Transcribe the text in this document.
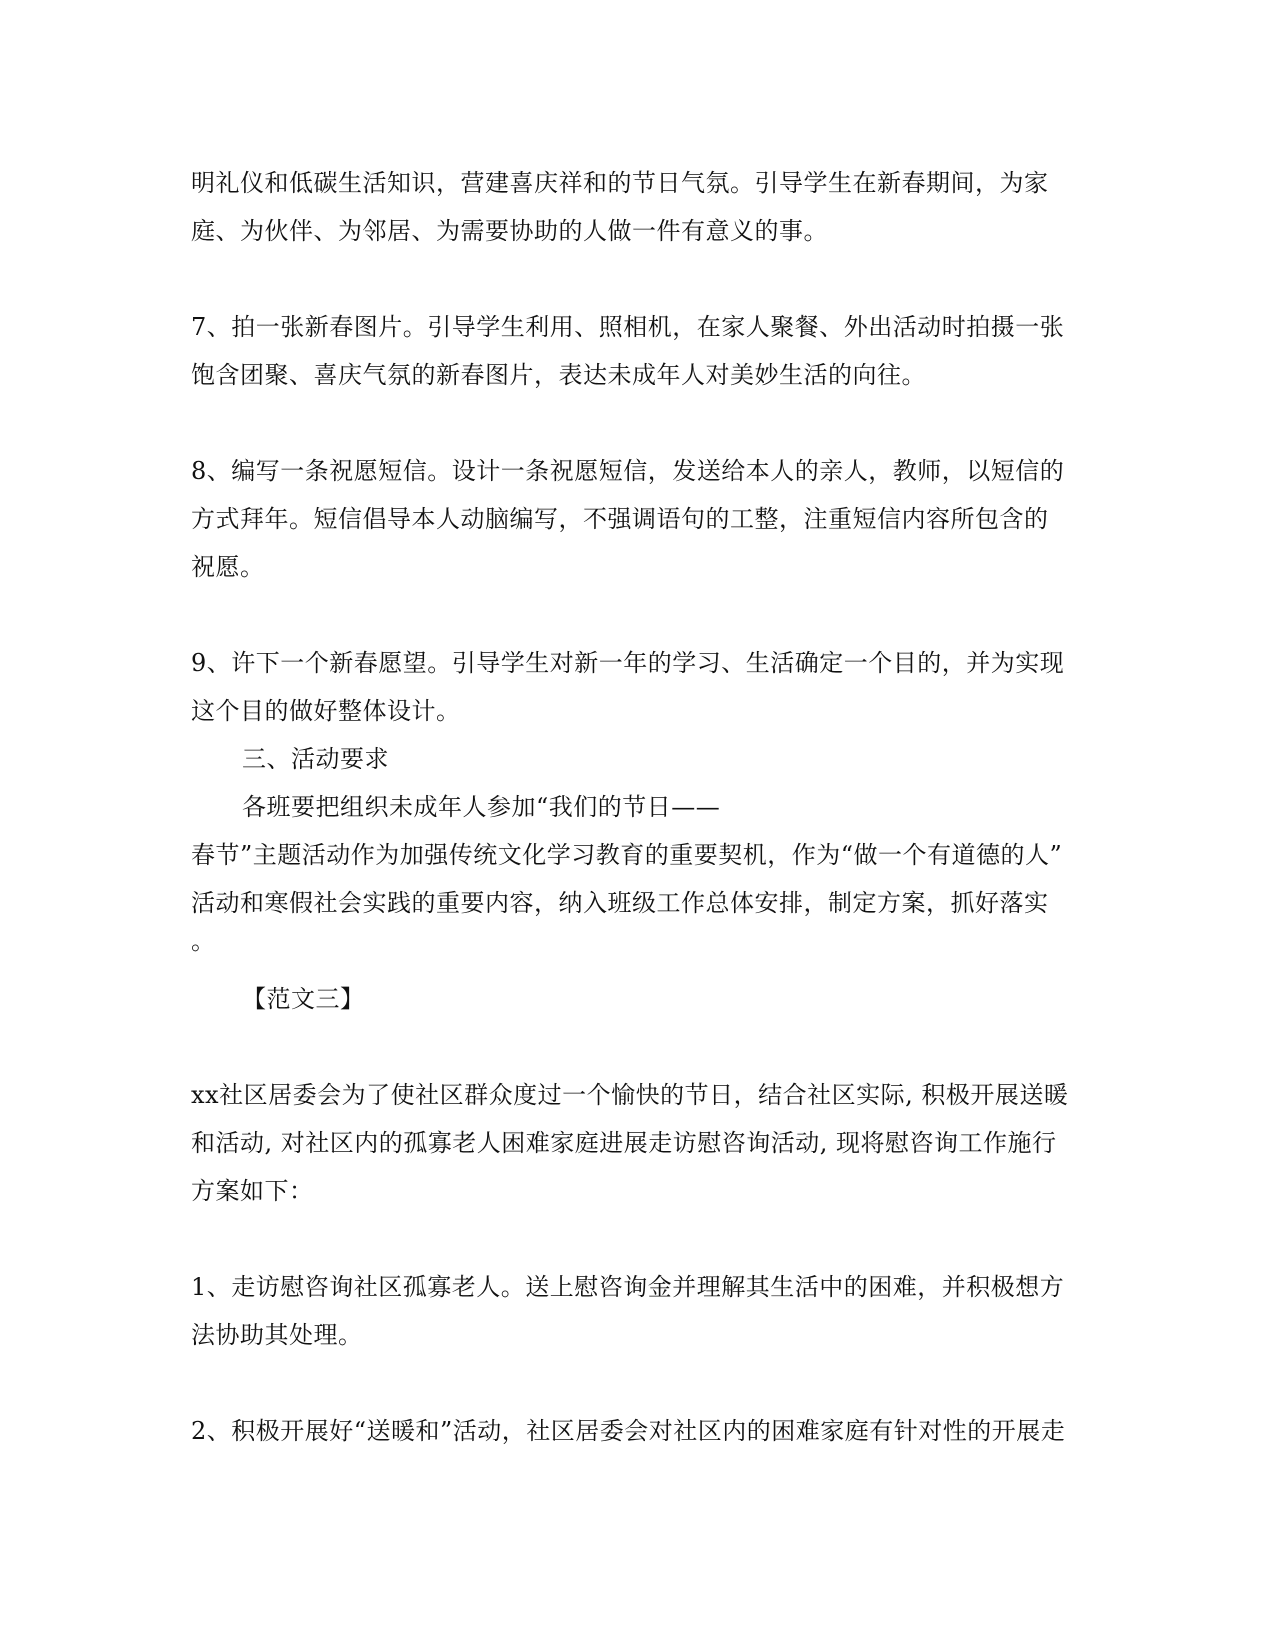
明礼仪和低碳生活知识，营建喜庆祥和的节日气氛。引导学生在新春期间，为家
庭、为伙伴、为邻居、为需要协助的人做一件有意义的事。
7、拍一张新春图片。引导学生利用、照相机，在家人聚餐、外出活动时拍摄一张
饱含团聚、喜庆气氛的新春图片，表达未成年人对美妙生活的向往。
8、编写一条祝愿短信。设计一条祝愿短信，发送给本人的亲人，教师，以短信的
方式拜年。短信倡导本人动脑编写，不强调语句的工整，注重短信内容所包含的
祝愿。
9、许下一个新春愿望。引导学生对新一年的学习、生活确定一个目的，并为实现
这个目的做好整体设计。
三、活动要求
各班要把组织未成年人参加“我们的节日——
春节”主题活动作为加强传统文化学习教育的重要契机，作为“做一个有道德的人”
活动和寒假社会实践的重要内容，纳入班级工作总体安排，制定方案，抓好落实
。
【范文三】
xx社区居委会为了使社区群众度过一个愉快的节日，结合社区实际, 积极开展送暖
和活动, 对社区内的孤寡老人困难家庭进展走访慰咨询活动, 现将慰咨询工作施行
方案如下：
1、走访慰咨询社区孤寡老人。送上慰咨询金并理解其生活中的困难，并积极想方
法协助其处理。
2、积极开展好“送暖和”活动，社区居委会对社区内的困难家庭有针对性的开展走
